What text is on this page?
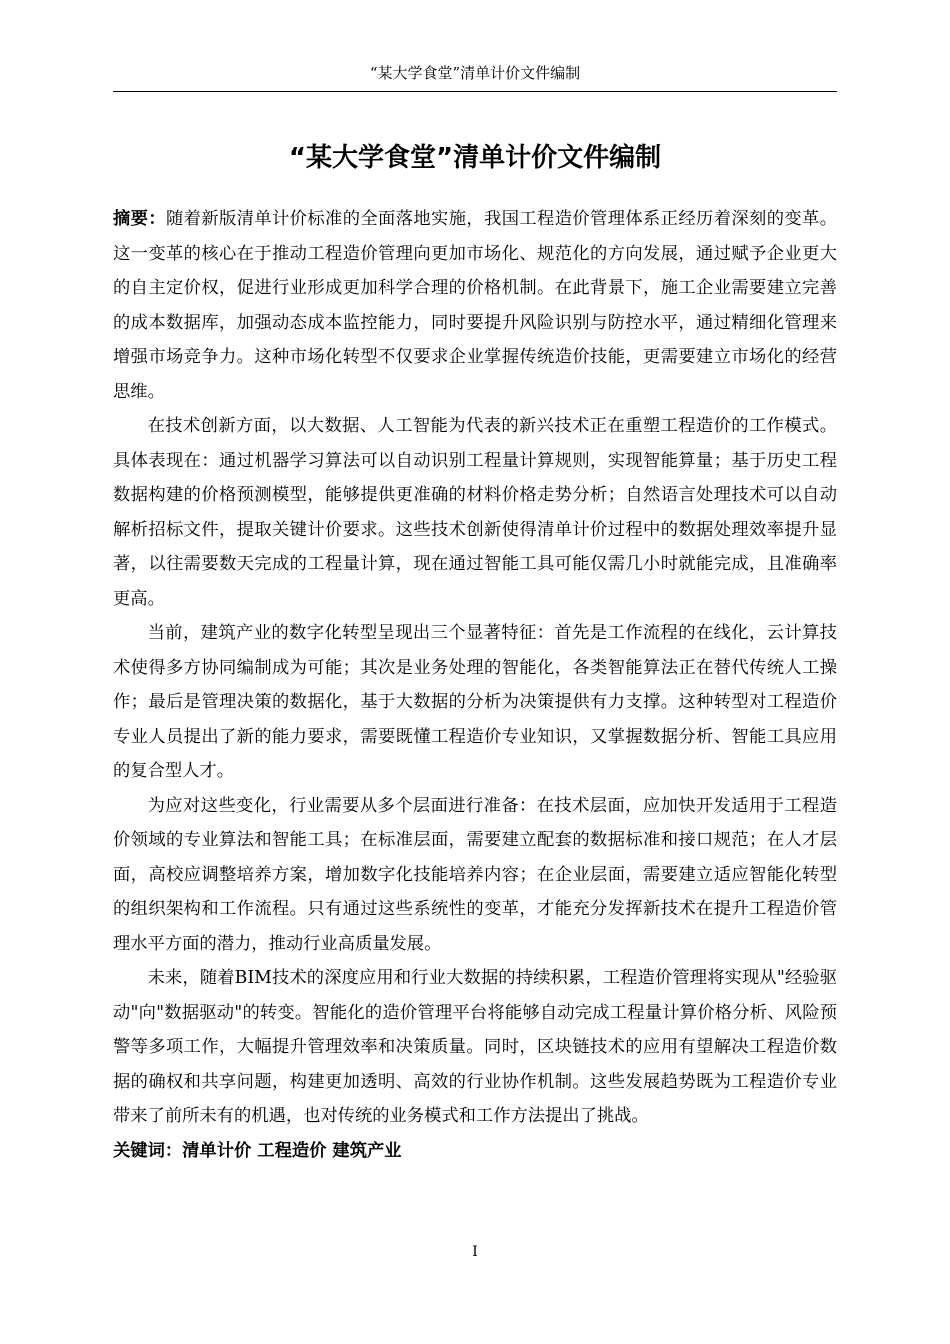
“某大学食堂”清单计价文件编制
“某大学食堂”清单计价文件编制

摘要：随着新版清单计价标准的全面落地实施，我国工程造价管理体系正经历着深刻的变革。这一变革的核心在于推动工程造价管理向更加市场化、规范化的方向发展，通过赋予企业更大的自主定价权，促进行业形成更加科学合理的价格机制。在此背景下，施工企业需要建立完善的成本数据库，加强动态成本监控能力，同时要提升风险识别与防控水平，通过精细化管理来增强市场竞争力。这种市场化转型不仅要求企业掌握传统造价技能，更需要建立市场化的经营思维。

在技术创新方面，以大数据、人工智能为代表的新兴技术正在重塑工程造价的工作模式。具体表现在：通过机器学习算法可以自动识别工程量计算规则，实现智能算量；基于历史工程数据构建的价格预测模型，能够提供更准确的材料价格走势分析；自然语言处理技术可以自动解析招标文件，提取关键计价要求。这些技术创新使得清单计价过程中的数据处理效率提升显著，以往需要数天完成的工程量计算，现在通过智能工具可能仅需几小时就能完成，且准确率更高。

当前，建筑产业的数字化转型呈现出三个显著特征：首先是工作流程的在线化，云计算技术使得多方协同编制成为可能；其次是业务处理的智能化，各类智能算法正在替代传统人工操作；最后是管理决策的数据化，基于大数据的分析为决策提供有力支撑。这种转型对工程造价专业人员提出了新的能力要求，需要既懂工程造价专业知识，又掌握数据分析、智能工具应用的复合型人才。

为应对这些变化，行业需要从多个层面进行准备：在技术层面，应加快开发适用于工程造价领域的专业算法和智能工具；在标准层面，需要建立配套的数据标准和接口规范；在人才层面，高校应调整培养方案，增加数字化技能培养内容；在企业层面，需要建立适应智能化转型的组织架构和工作流程。只有通过这些系统性的变革，才能充分发挥新技术在提升工程造价管理水平方面的潜力，推动行业高质量发展。

未来，随着BIM技术的深度应用和行业大数据的持续积累，工程造价管理将实现从"经验驱动"向"数据驱动"的转变。智能化的造价管理平台将能够自动完成工程量计算价格分析、风险预警等多项工作，大幅提升管理效率和决策质量。同时，区块链技术的应用有望解决工程造价数据的确权和共享问题，构建更加透明、高效的行业协作机制。这些发展趋势既为工程造价专业带来了前所未有的机遇，也对传统的业务模式和工作方法提出了挑战。

关键词：清单计价 工程造价 建筑产业

I
